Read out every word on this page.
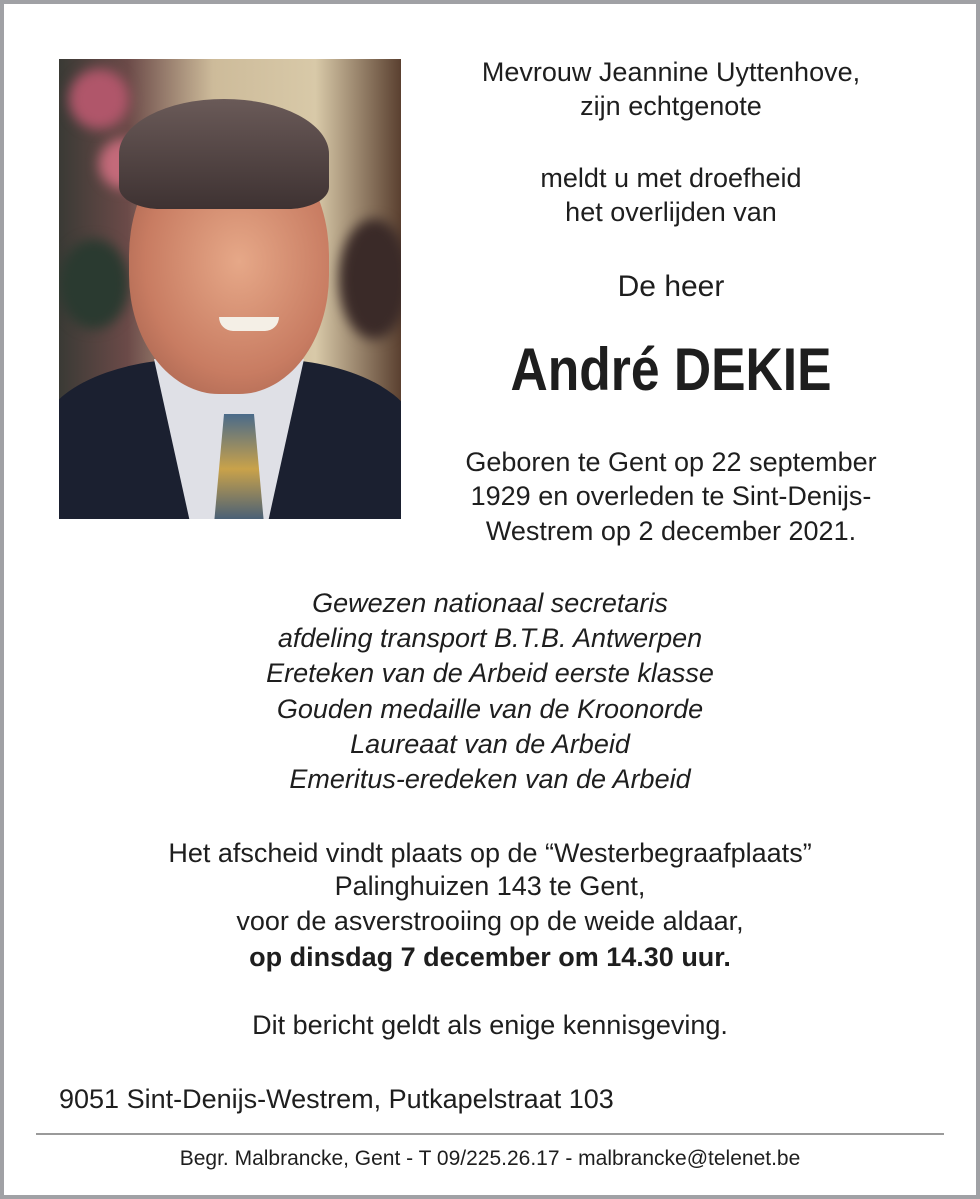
Mevrouw Jeannine Uyttenhove,
zijn echtgenote
meldt u met droefheid
het overlijden van
De heer
André DEKIE
Geboren te Gent op 22 september
1929 en overleden te Sint-Denijs-
Westrem op 2 december 2021.
Gewezen nationaal secretaris
afdeling transport B.T.B. Antwerpen
Ereteken van de Arbeid eerste klasse
Gouden medaille van de Kroonorde
Laureaat van de Arbeid
Emeritus-eredeken van de Arbeid
Het afscheid vindt plaats op de “Westerbegraafplaats”
Palinghuizen 143 te Gent,
voor de asverstrooiing op de weide aldaar,
op dinsdag 7 december om 14.30 uur.
Dit bericht geldt als enige kennisgeving.
9051 Sint-Denijs-Westrem, Putkapelstraat 103
Begr. Malbrancke, Gent - T 09/225.26.17 - malbrancke@telenet.be
